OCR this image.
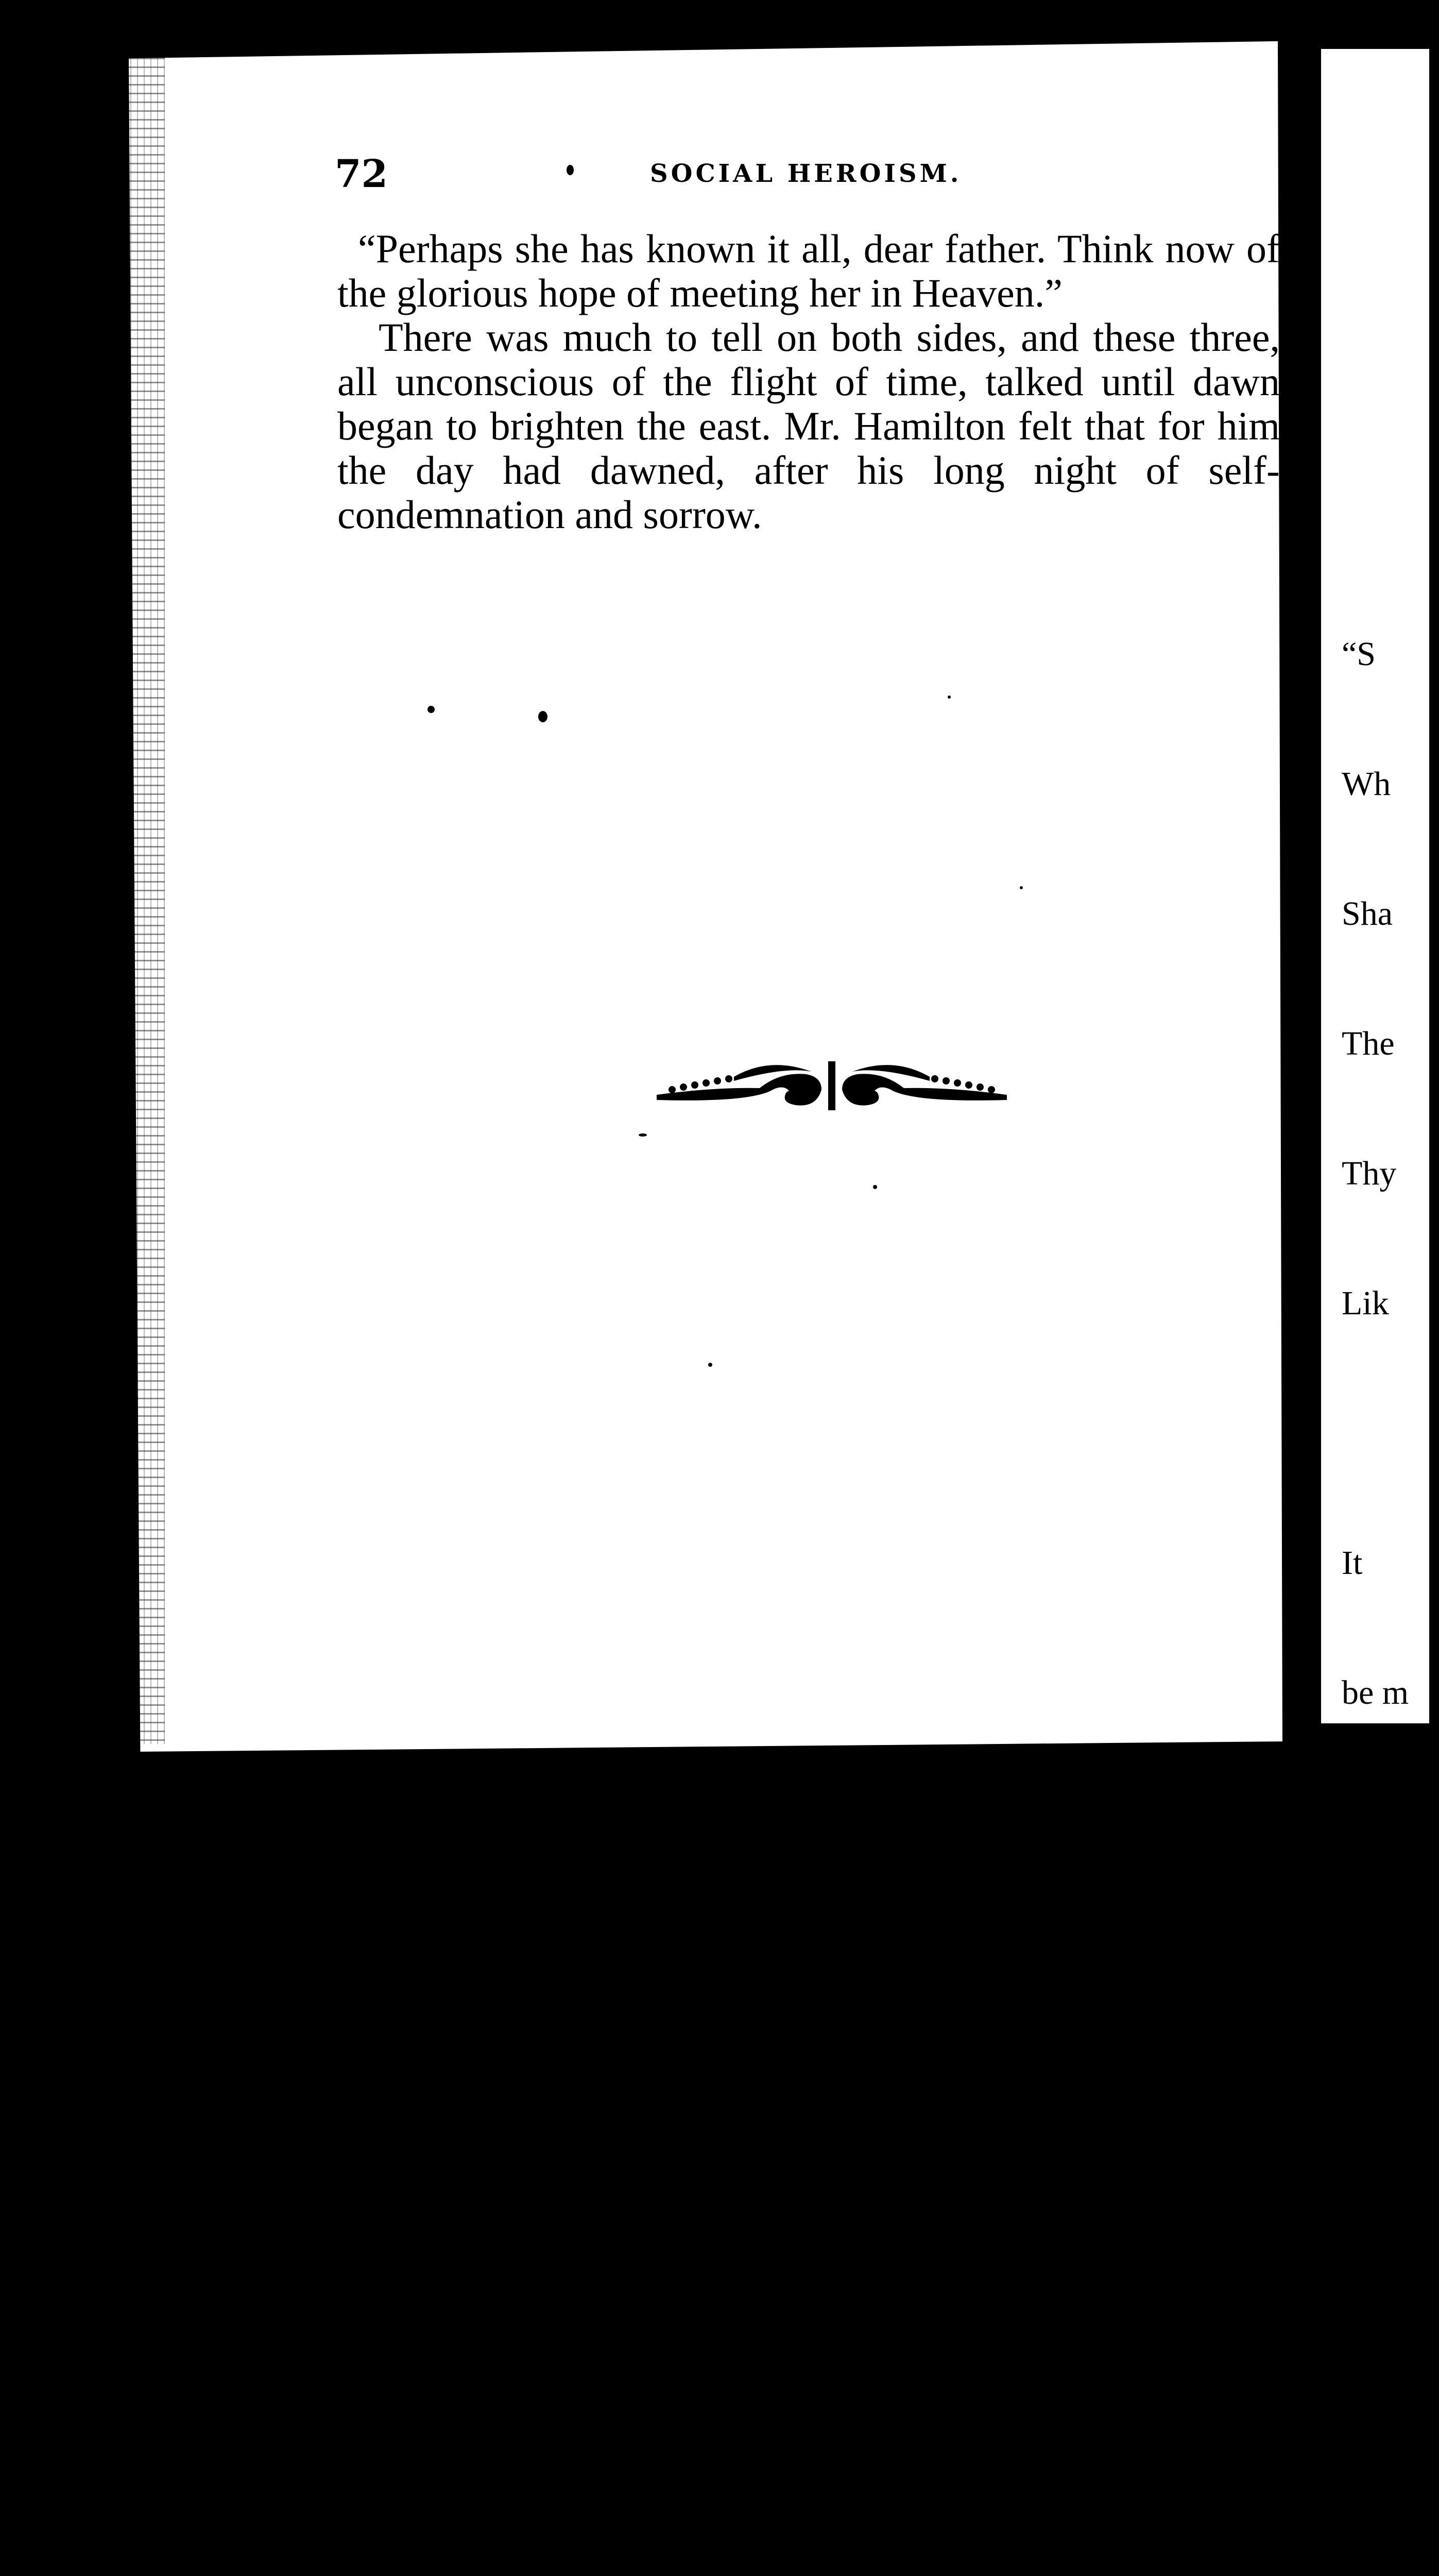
72	SOCIAL HEROISM.

“Perhaps she has known it all, dear father. Think now of the glorious hope of meeting her in Heaven.”

There was much to tell on both sides, and these three, all unconscious of the flight of time, talked until dawn began to brighten the east. Mr. Hamilton felt that for him the day had dawned, after his long night of self-condemnation and sorrow.

“S

Wh

Sha

The

Thy

Lik

It

be m

with

“

year

affor

A

tient
